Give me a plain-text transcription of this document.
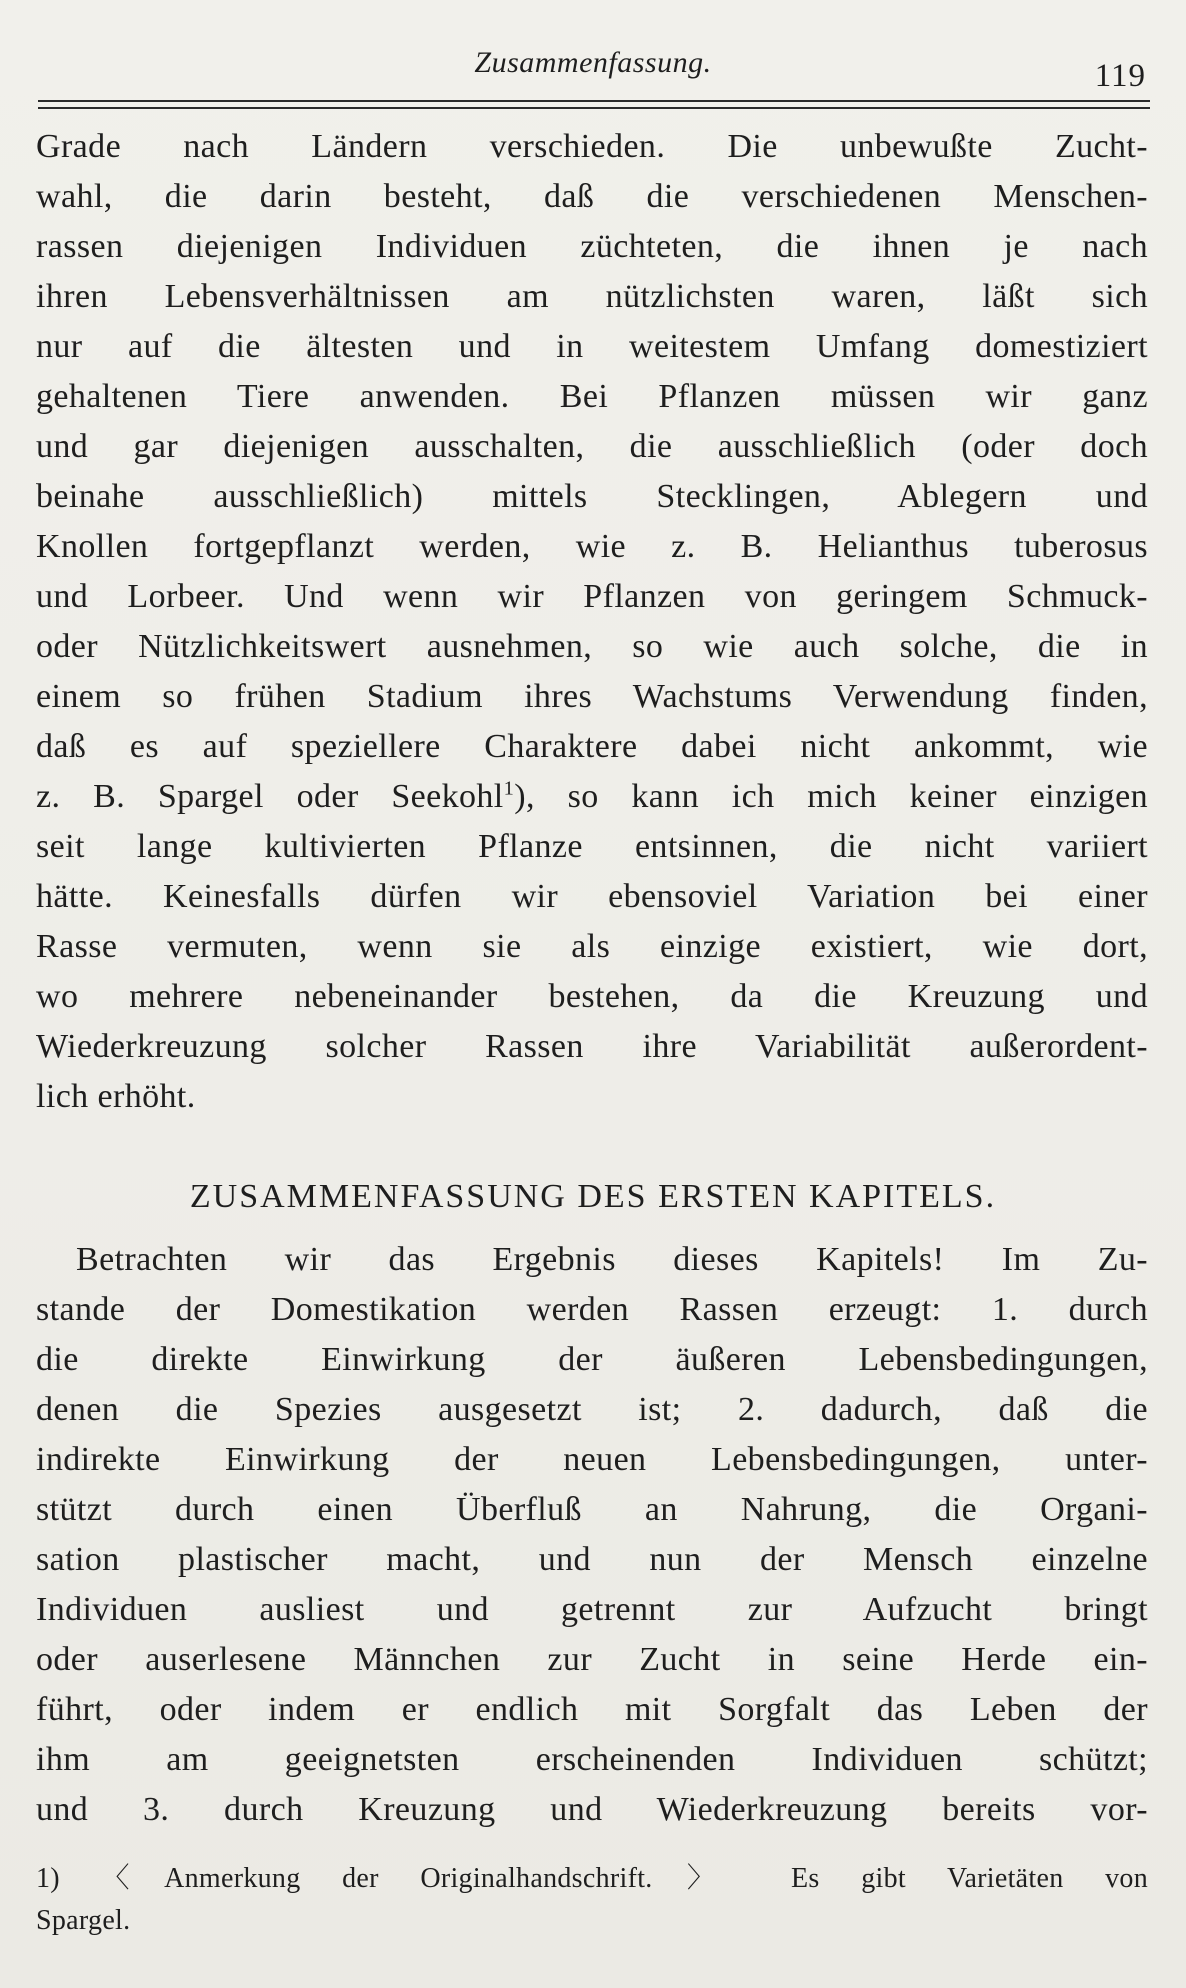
Zusammenfassung.	119
Grade nach Ländern verschieden. Die unbewußte Zucht-
wahl, die darin besteht, daß die verschiedenen Menschen-
rassen diejenigen Individuen züchteten, die ihnen je nach
ihren Lebensverhältnissen am nützlichsten waren, läßt sich
nur auf die ältesten und in weitestem Umfang domestiziert
gehaltenen Tiere anwenden. Bei Pflanzen müssen wir ganz
und gar diejenigen ausschalten, die ausschließlich (oder doch
beinahe ausschließlich) mittels Stecklingen, Ablegern und
Knollen fortgepflanzt werden, wie z. B. Helianthus tuberosus
und Lorbeer. Und wenn wir Pflanzen von geringem Schmuck-
oder Nützlichkeitswert ausnehmen, so wie auch solche, die in
einem so frühen Stadium ihres Wachstums Verwendung finden,
daß es auf speziellere Charaktere dabei nicht ankommt, wie
z. B. Spargel oder Seekohl$^1$), so kann ich mich keiner einzigen
seit lange kultivierten Pflanze entsinnen, die nicht variiert
hätte. Keinesfalls dürfen wir ebensoviel Variation bei einer
Rasse vermuten, wenn sie als einzige existiert, wie dort,
wo mehrere nebeneinander bestehen, da die Kreuzung und
Wiederkreuzung solcher Rassen ihre Variabilität außerordent-
lich erhöht.
ZUSAMMENFASSUNG DES ERSTEN KAPITELS.
Betrachten wir das Ergebnis dieses Kapitels! Im Zu-
stande der Domestikation werden Rassen erzeugt: 1. durch
die direkte Einwirkung der äußeren Lebensbedingungen,
denen die Spezies ausgesetzt ist; 2. dadurch, daß die
indirekte Einwirkung der neuen Lebensbedingungen, unter-
stützt durch einen Überfluß an Nahrung, die Organi-
sation plastischer macht, und nun der Mensch einzelne
Individuen ausliest und getrennt zur Aufzucht bringt
oder auserlesene Männchen zur Zucht in seine Herde ein-
führt, oder indem er endlich mit Sorgfalt das Leben der
ihm am geeignetsten erscheinenden Individuen schützt;
und 3. durch Kreuzung und Wiederkreuzung bereits vor-
1) 〈Anmerkung der Originalhandschrift.〉 Es gibt Varietäten von
Spargel.
